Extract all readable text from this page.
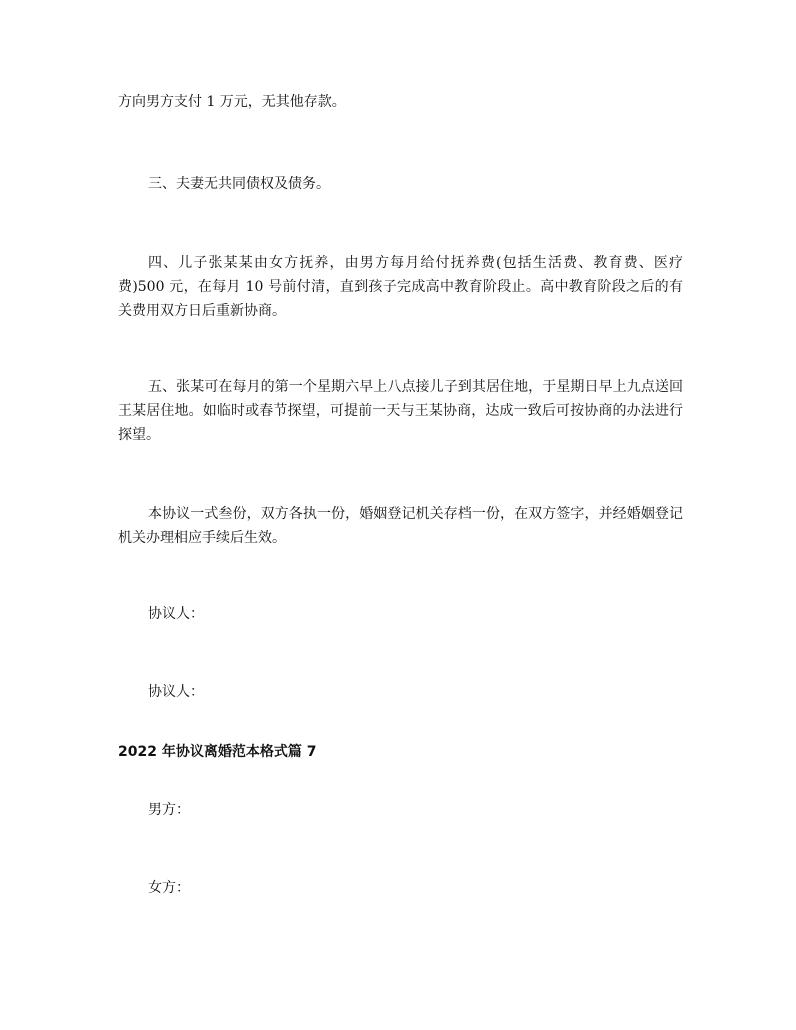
方向男方支付 1 万元，无其他存款。

三、夫妻无共同债权及债务。

四、儿子张某某由女方抚养，由男方每月给付抚养费(包括生活费、教育费、医疗费)500 元，在每月 10 号前付清，直到孩子完成高中教育阶段止。高中教育阶段之后的有关费用双方日后重新协商。

五、张某可在每月的第一个星期六早上八点接儿子到其居住地，于星期日早上九点送回王某居住地。如临时或春节探望，可提前一天与王某协商，达成一致后可按协商的办法进行探望。

本协议一式叁份，双方各执一份，婚姻登记机关存档一份，在双方签字，并经婚姻登记机关办理相应手续后生效。

协议人：

协议人：

2022 年协议离婚范本格式篇 7

男方：

女方：
